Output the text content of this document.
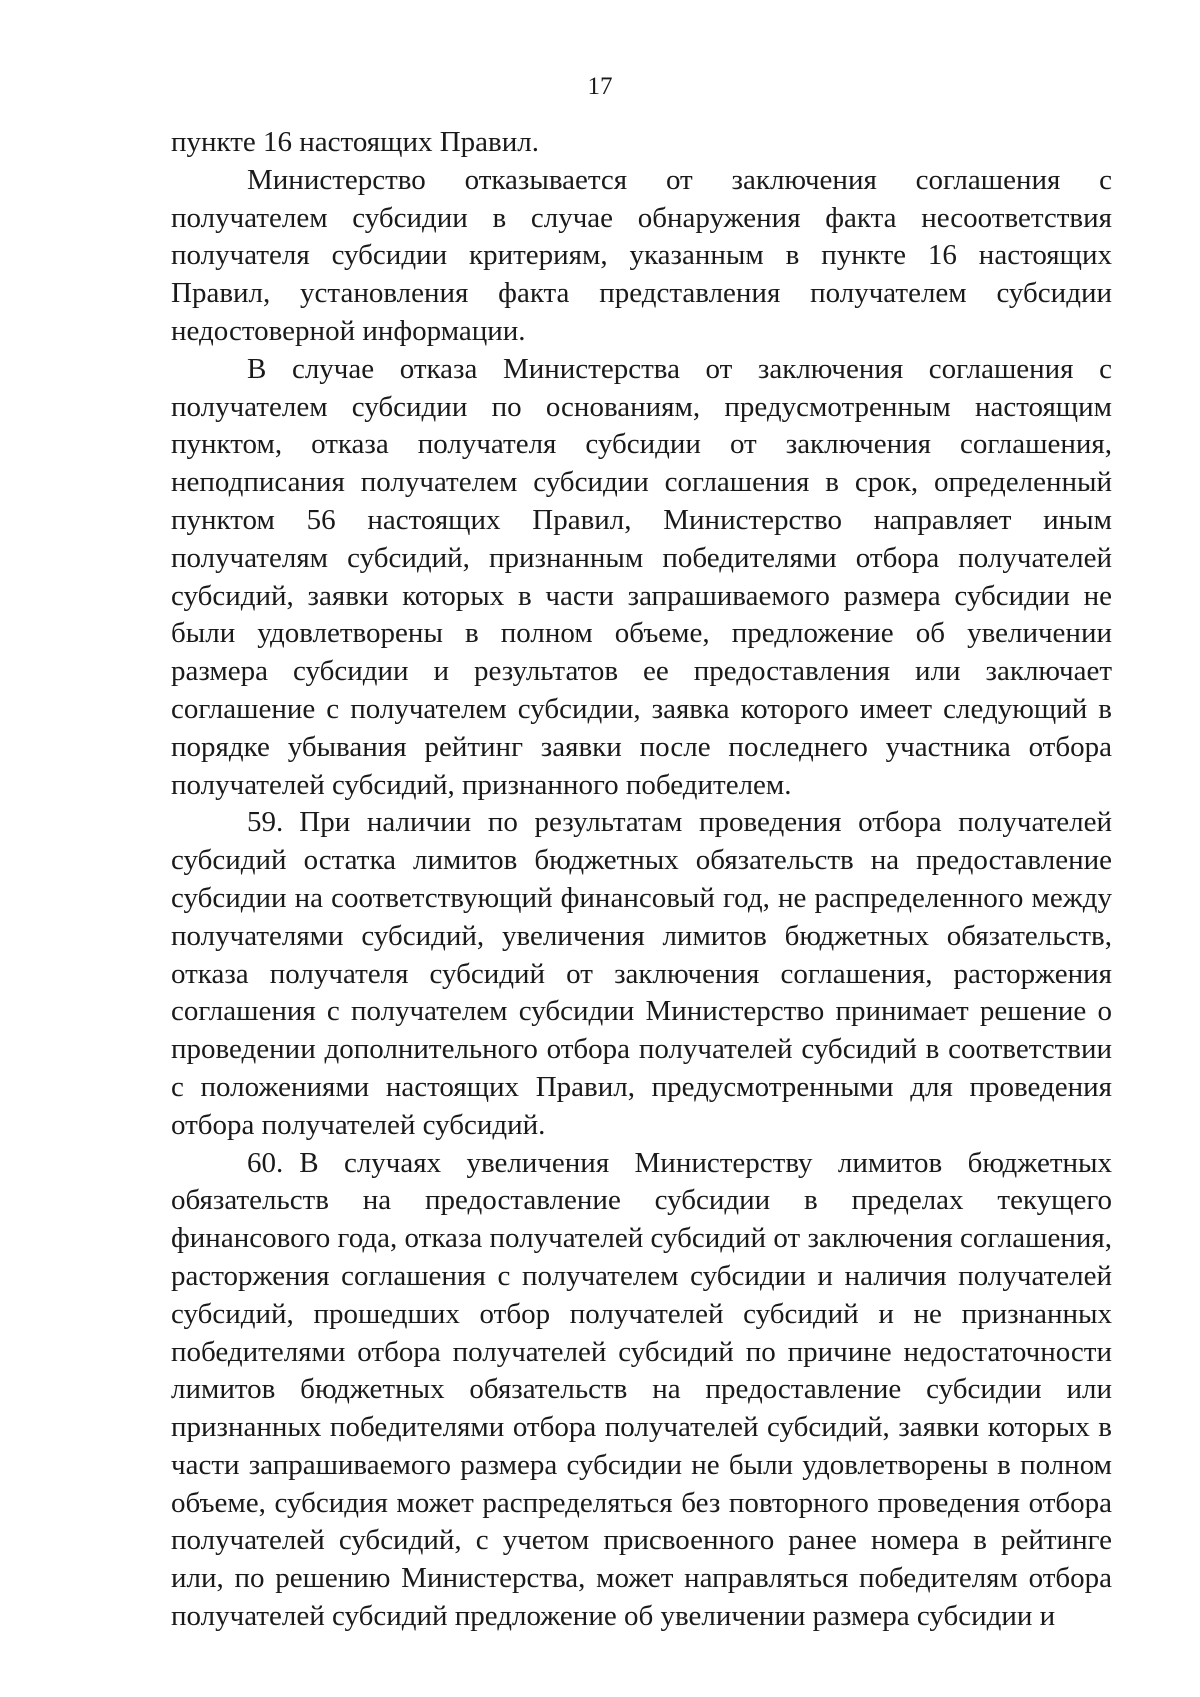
17

пункте 16 настоящих Правил.

Министерство отказывается от заключения соглашения с получателем субсидии в случае обнаружения факта несоответствия получателя субсидии критериям, указанным в пункте 16 настоящих Правил, установления факта представления получателем субсидии недостоверной информации.

В случае отказа Министерства от заключения соглашения с получателем субсидии по основаниям, предусмотренным настоящим пунктом, отказа получателя субсидии от заключения соглашения, неподписания получателем субсидии соглашения в срок, определенный пунктом 56 настоящих Правил, Министерство направляет иным получателям субсидий, признанным победителями отбора получателей субсидий, заявки которых в части запрашиваемого размера субсидии не были удовлетворены в полном объеме, предложение об увеличении размера субсидии и результатов ее предоставления или заключает соглашение с получателем субсидии, заявка которого имеет следующий в порядке убывания рейтинг заявки после последнего участника отбора получателей субсидий, признанного победителем.

59. При наличии по результатам проведения отбора получателей субсидий остатка лимитов бюджетных обязательств на предоставление субсидии на соответствующий финансовый год, не распределенного между получателями субсидий, увеличения лимитов бюджетных обязательств, отказа получателя субсидий от заключения соглашения, расторжения соглашения с получателем субсидии Министерство принимает решение о проведении дополнительного отбора получателей субсидий в соответствии с положениями настоящих Правил, предусмотренными для проведения отбора получателей субсидий.

60. В случаях увеличения Министерству лимитов бюджетных обязательств на предоставление субсидии в пределах текущего финансового года, отказа получателей субсидий от заключения соглашения, расторжения соглашения с получателем субсидии и наличия получателей субсидий, прошедших отбор получателей субсидий и не признанных победителями отбора получателей субсидий по причине недостаточности лимитов бюджетных обязательств на предоставление субсидии или признанных победителями отбора получателей субсидий, заявки которых в части запрашиваемого размера субсидии не были удовлетворены в полном объеме, субсидия может распределяться без повторного проведения отбора получателей субсидий, с учетом присвоенного ранее номера в рейтинге или, по решению Министерства, может направляться победителям отбора получателей субсидий предложение об увеличении размера субсидии и
